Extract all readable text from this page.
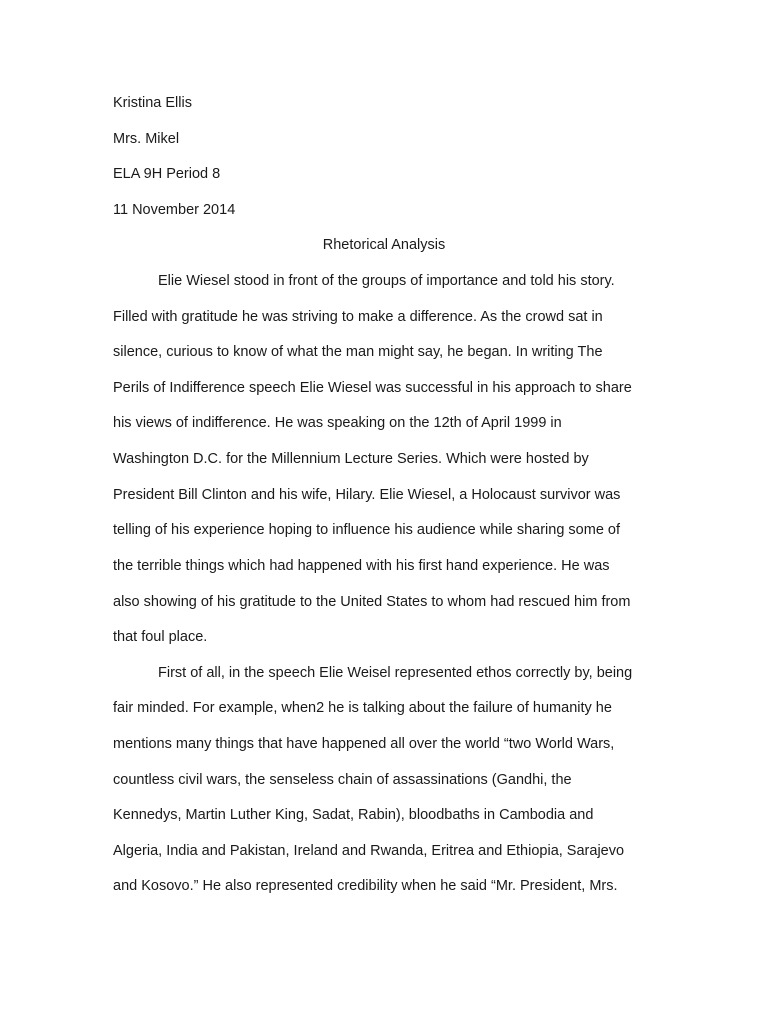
Kristina Ellis
Mrs. Mikel
ELA 9H Period 8
11 November 2014
Rhetorical Analysis
Elie Wiesel stood in front of the groups of importance and told his story.
Filled with gratitude he was striving to make a difference. As the crowd sat in
silence, curious to know of what the man might say, he began. In writing The
Perils of Indifference speech Elie Wiesel was successful in his approach to share
his views of indifference. He was speaking on the 12th of April 1999 in
Washington D.C. for the Millennium Lecture Series. Which were hosted by
President Bill Clinton and his wife, Hilary. Elie Wiesel, a Holocaust survivor was
telling of his experience hoping to influence his audience while sharing some of
the terrible things which had happened with his first hand experience. He was
also showing of his gratitude to the United States to whom had rescued him from
that foul place.
First of all, in the speech Elie Weisel represented ethos correctly by, being
fair minded. For example, when2 he is talking about the failure of humanity he
mentions many things that have happened all over the world “two World Wars,
countless civil wars, the senseless chain of assassinations (Gandhi, the
Kennedys, Martin Luther King, Sadat, Rabin), bloodbaths in Cambodia and
Algeria, India and Pakistan, Ireland and Rwanda, Eritrea and Ethiopia, Sarajevo
and Kosovo.” He also represented credibility when he said “Mr. President, Mrs.
